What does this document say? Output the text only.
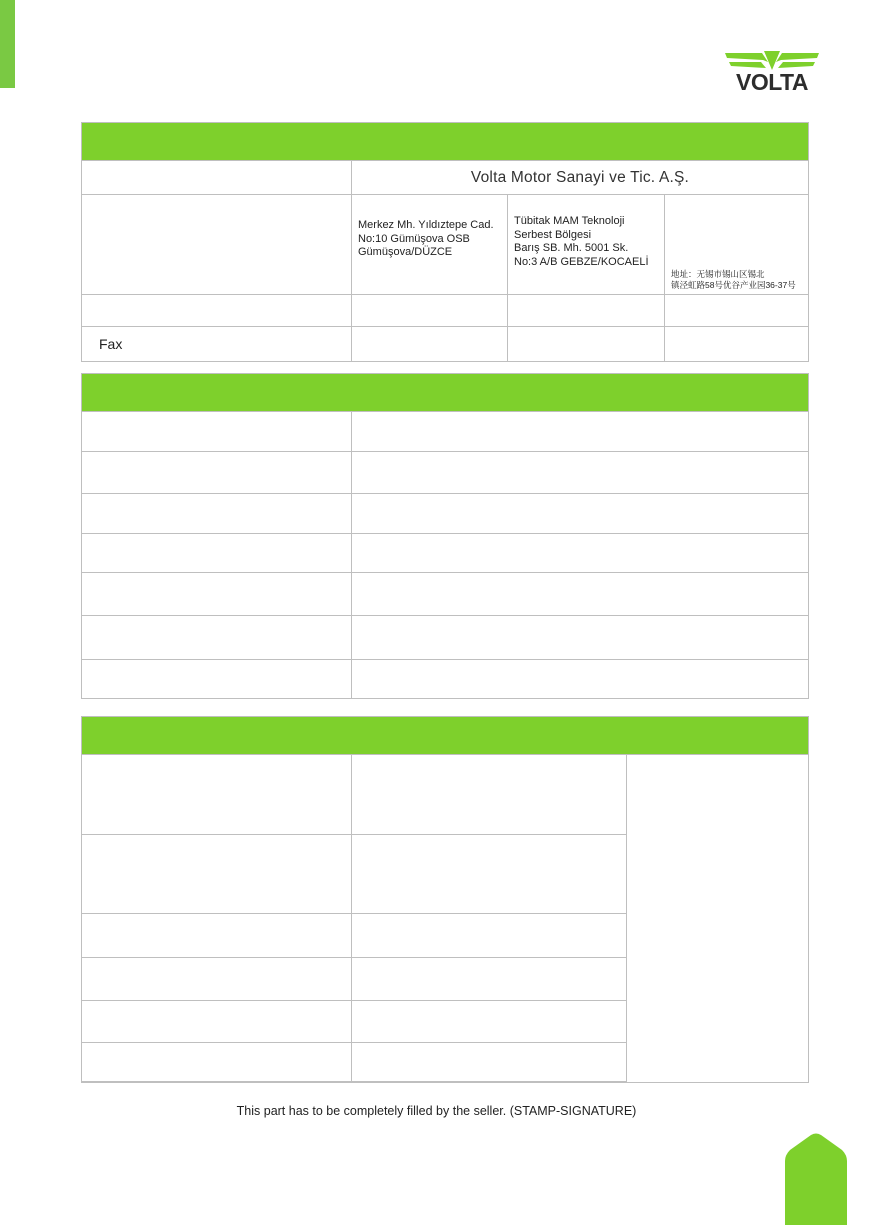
VOLTA
Volta Motor Sanayi ve Tic. A.Ş.
Merkez Mh. Yıldıztepe Cad.
No:10 Gümüşova OSB
Gümüşova/DÜZCE
Tübitak MAM Teknoloji
Serbest Bölgesi
Barış SB. Mh. 5001 Sk.
No:3 A/B GEBZE/KOCAELİ
地址：无锡市锡山区锡北
镇泾虹路58号优谷产业园36-37号
Fax
This part has to be completely filled by the seller. (STAMP-SIGNATURE)
